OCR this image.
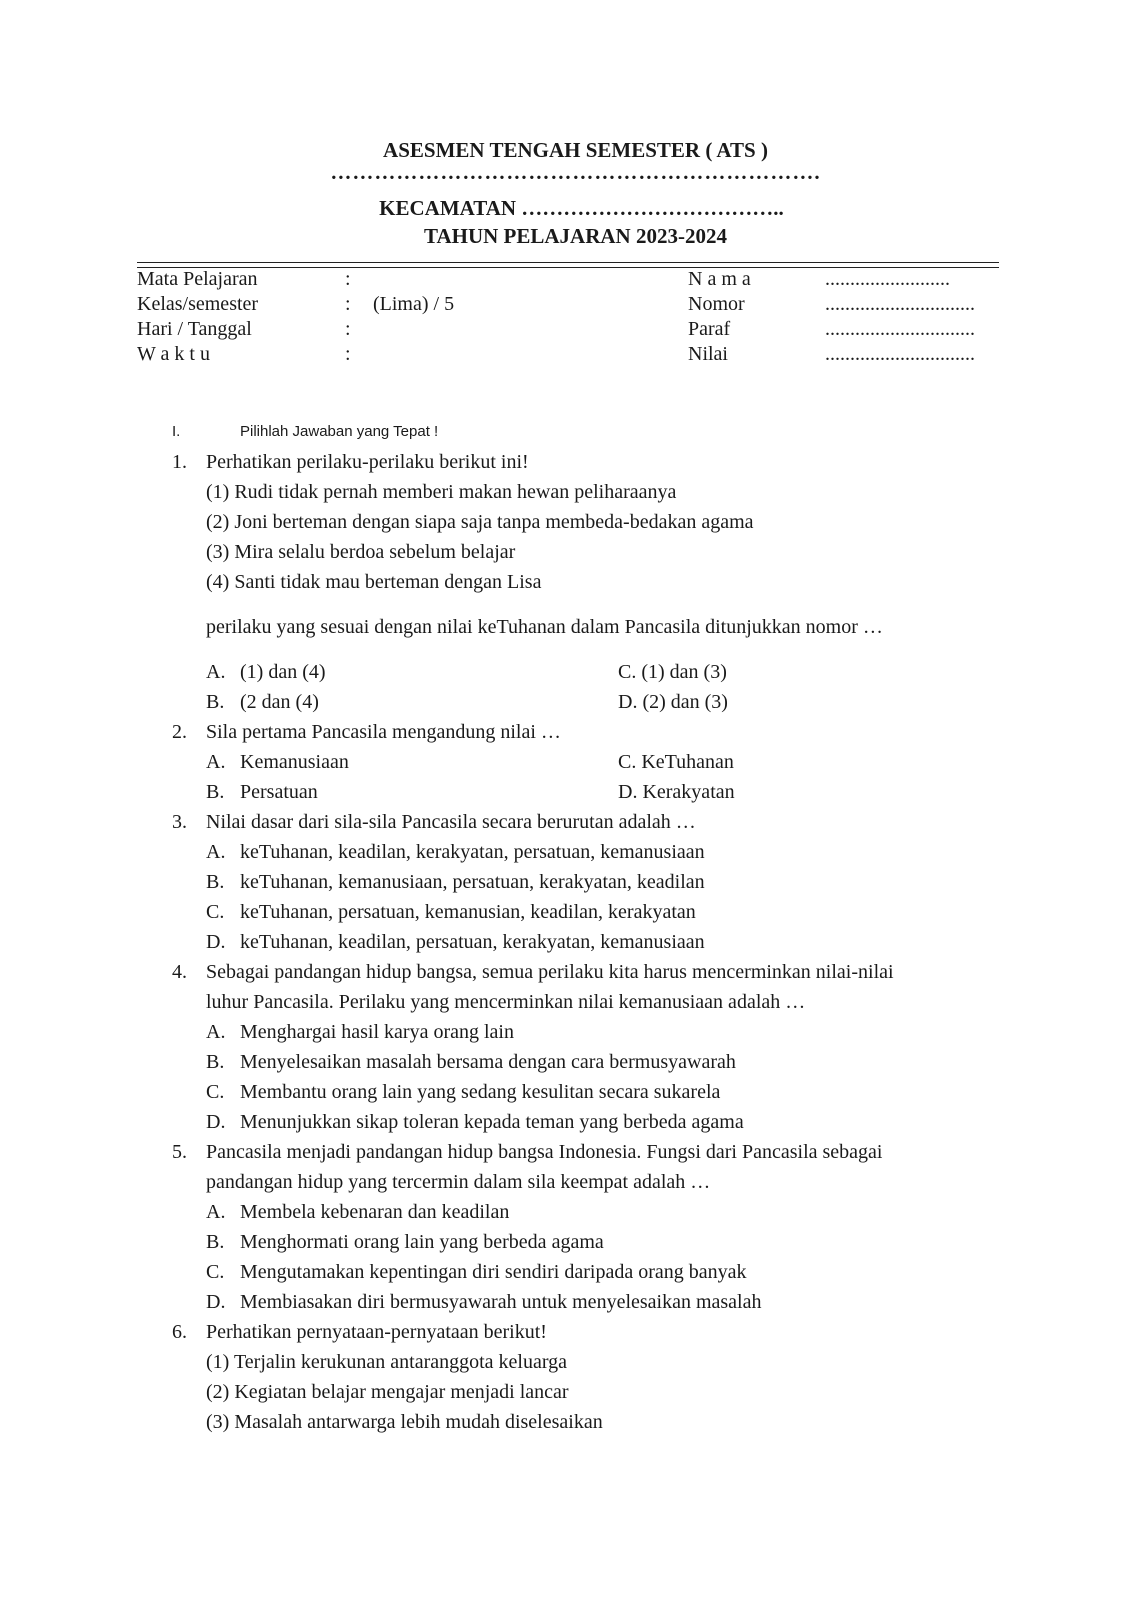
ASESMEN TENGAH SEMESTER ( ATS )
………………………………………………………….
KECAMATAN ………………………………..
TAHUN PELAJARAN 2023-2024
Mata Pelajaran	:	N a m a	.........................
Kelas/semester	: (Lima) / 5	Nomor	..............................
Hari / Tanggal	:	Paraf	..............................
W a k t u	:	Nilai	..............................
I.	Pilihlah Jawaban yang Tepat !
1. Perhatikan perilaku-perilaku berikut ini!
(1) Rudi tidak pernah memberi makan hewan peliharaanya
(2) Joni berteman dengan siapa saja tanpa membeda-bedakan agama
(3) Mira selalu berdoa sebelum belajar
(4) Santi tidak mau berteman dengan Lisa
perilaku yang sesuai dengan nilai keTuhanan dalam Pancasila ditunjukkan nomor …
A. (1) dan (4)	C. (1) dan (3)
B. (2 dan (4)	D. (2) dan (3)
2. Sila pertama Pancasila mengandung nilai …
A. Kemanusiaan	C. KeTuhanan
B. Persatuan	D. Kerakyatan
3. Nilai dasar dari sila-sila Pancasila secara berurutan adalah …
A. keTuhanan, keadilan, kerakyatan, persatuan, kemanusiaan
B. keTuhanan, kemanusiaan, persatuan, kerakyatan, keadilan
C. keTuhanan, persatuan, kemanusian, keadilan, kerakyatan
D. keTuhanan, keadilan, persatuan, kerakyatan, kemanusiaan
4. Sebagai pandangan hidup bangsa, semua perilaku kita harus mencerminkan nilai-nilai
luhur Pancasila. Perilaku yang mencerminkan nilai kemanusiaan adalah …
A. Menghargai hasil karya orang lain
B. Menyelesaikan masalah bersama dengan cara bermusyawarah
C. Membantu orang lain yang sedang kesulitan secara sukarela
D. Menunjukkan sikap toleran kepada teman yang berbeda agama
5. Pancasila menjadi pandangan hidup bangsa Indonesia. Fungsi dari Pancasila sebagai
pandangan hidup yang tercermin dalam sila keempat adalah …
A. Membela kebenaran dan keadilan
B. Menghormati orang lain yang berbeda agama
C. Mengutamakan kepentingan diri sendiri daripada orang banyak
D. Membiasakan diri bermusyawarah untuk menyelesaikan masalah
6. Perhatikan pernyataan-pernyataan berikut!
(1) Terjalin kerukunan antaranggota keluarga
(2) Kegiatan belajar mengajar menjadi lancar
(3) Masalah antarwarga lebih mudah diselesaikan
